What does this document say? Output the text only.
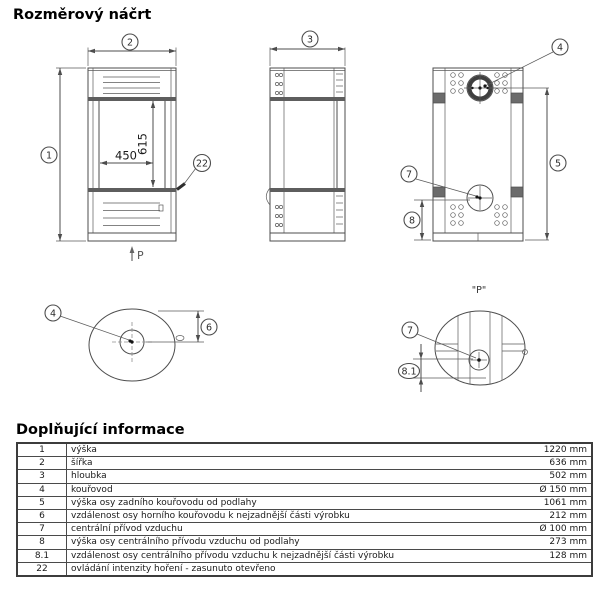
Rozměrový náčrt
615
450
P
"P"
2
1
22
3
4
5
7
8
4
6	7
8.1
Doplňující informace
1	výška	1220 mm
2	šířka	636 mm
3	hloubka	502 mm
4	kouřovod	Ø 150 mm
5	výška osy zadního kouřovodu od podlahy	1061 mm
6	vzdálenost osy horního kouřovodu k nejzadnější části výrobku	212 mm
7	centrální přívod vzduchu	Ø 100 mm
8	výška osy centrálního přívodu vzduchu od podlahy	273 mm
8.1	vzdálenost osy centrálního přívodu vzduchu k nejzadnější části výrobku	128 mm
22	ovládání intenzity hoření - zasunuto otevřeno	
